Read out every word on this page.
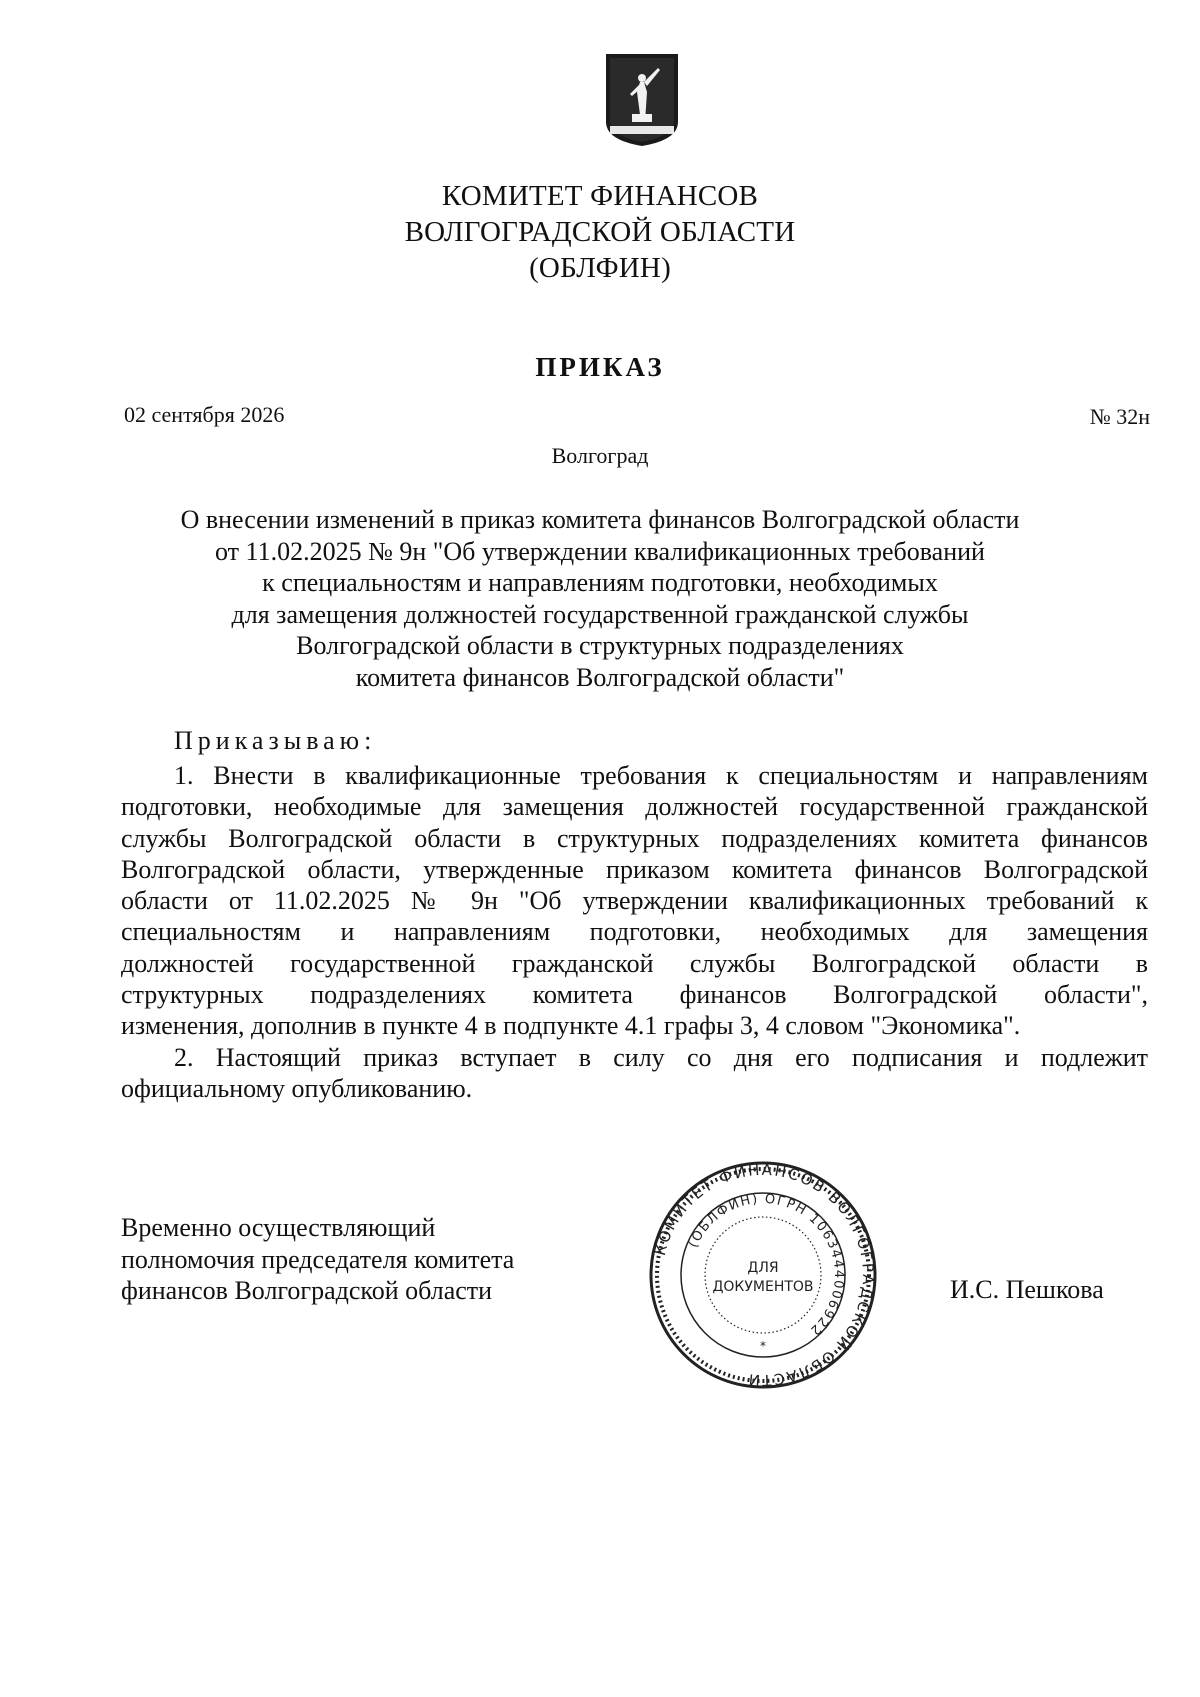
КОМИТЕТ ФИНАНСОВ
ВОЛГОГРАДСКОЙ ОБЛАСТИ
(ОБЛФИН)
ПРИКАЗ
02 сентября 2026	№ 32н
Волгоград
О внесении изменений в приказ комитета финансов Волгоградской области
от 11.02.2025 № 9н "Об утверждении квалификационных требований
к специальностям и направлениям подготовки, необходимых
для замещения должностей государственной гражданской службы
Волгоградской области в структурных подразделениях
комитета финансов Волгоградской области"
Приказываю:
1. Внести в квалификационные требования к специальностям и направлениям
подготовки, необходимые для замещения должностей государственной гражданской
службы Волгоградской области в структурных подразделениях комитета финансов
Волгоградской области, утвержденные приказом комитета финансов Волгоградской
области от 11.02.2025 № 9н "Об утверждении квалификационных требований к
специальностям и направлениям подготовки, необходимых для замещения
должностей государственной гражданской службы Волгоградской области в
структурных подразделениях комитета финансов Волгоградской области",
изменения, дополнив в пункте 4 в подпункте 4.1 графы 3, 4 словом "Экономика".
2. Настоящий приказ вступает в силу со дня его подписания и подлежит
официальному опубликованию.
Временно осуществляющий
полномочия председателя комитета
финансов Волгоградской области	И.С. Пешкова
КОМИТЕТ ФИНАНСОВ ВОЛГОГРАДСКОЙ ОБЛАСТИ
(ОБЛФИН) ОГРН 1063444006922
ДЛЯ
ДОКУМЕНТОВ
*
